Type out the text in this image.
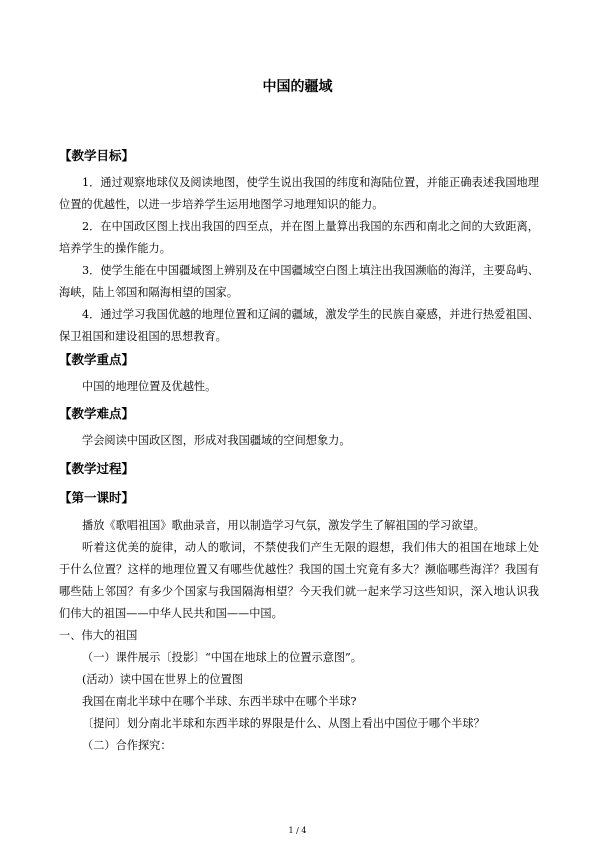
中国的疆域
【教学目标】
1．通过观察地球仪及阅读地图，使学生说出我国的纬度和海陆位置，并能正确表述我国地理位置的优越性，以进一步培养学生运用地图学习地理知识的能力。
2．在中国政区图上找出我国的四至点，并在图上量算出我国的东西和南北之间的大致距离，培养学生的操作能力。
3．使学生能在中国疆域图上辨别及在中国疆域空白图上填注出我国濒临的海洋，主要岛屿、海峡，陆上邻国和隔海相望的国家。
4．通过学习我国优越的地理位置和辽阔的疆域，激发学生的民族自豪感，并进行热爱祖国、保卫祖国和建设祖国的思想教育。
【教学重点】
中国的地理位置及优越性。
【教学难点】
学会阅读中国政区图，形成对我国疆域的空间想象力。
【教学过程】
【第一课时】
播放《歌唱祖国》歌曲录音，用以制造学习气氛，激发学生了解祖国的学习欲望。
听着这优美的旋律，动人的歌词，不禁使我们产生无限的遐想，我们伟大的祖国在地球上处于什么位置？这样的地理位置又有哪些优越性？我国的国土究竟有多大？濒临哪些海洋？我国有哪些陆上邻国？有多少个国家与我国隔海相望？今天我们就一起来学习这些知识，深入地认识我们伟大的祖国——中华人民共和国——中国。
一、伟大的祖国
（一）课件展示〔投影〕“中国在地球上的位置示意图”。
(活动）读中国在世界上的位置图
我国在南北半球中在哪个半球、东西半球中在哪个半球?
〔提问〕划分南北半球和东西半球的界限是什么、从图上看出中国位于哪个半球？
（二）合作探究：
1 / 4
